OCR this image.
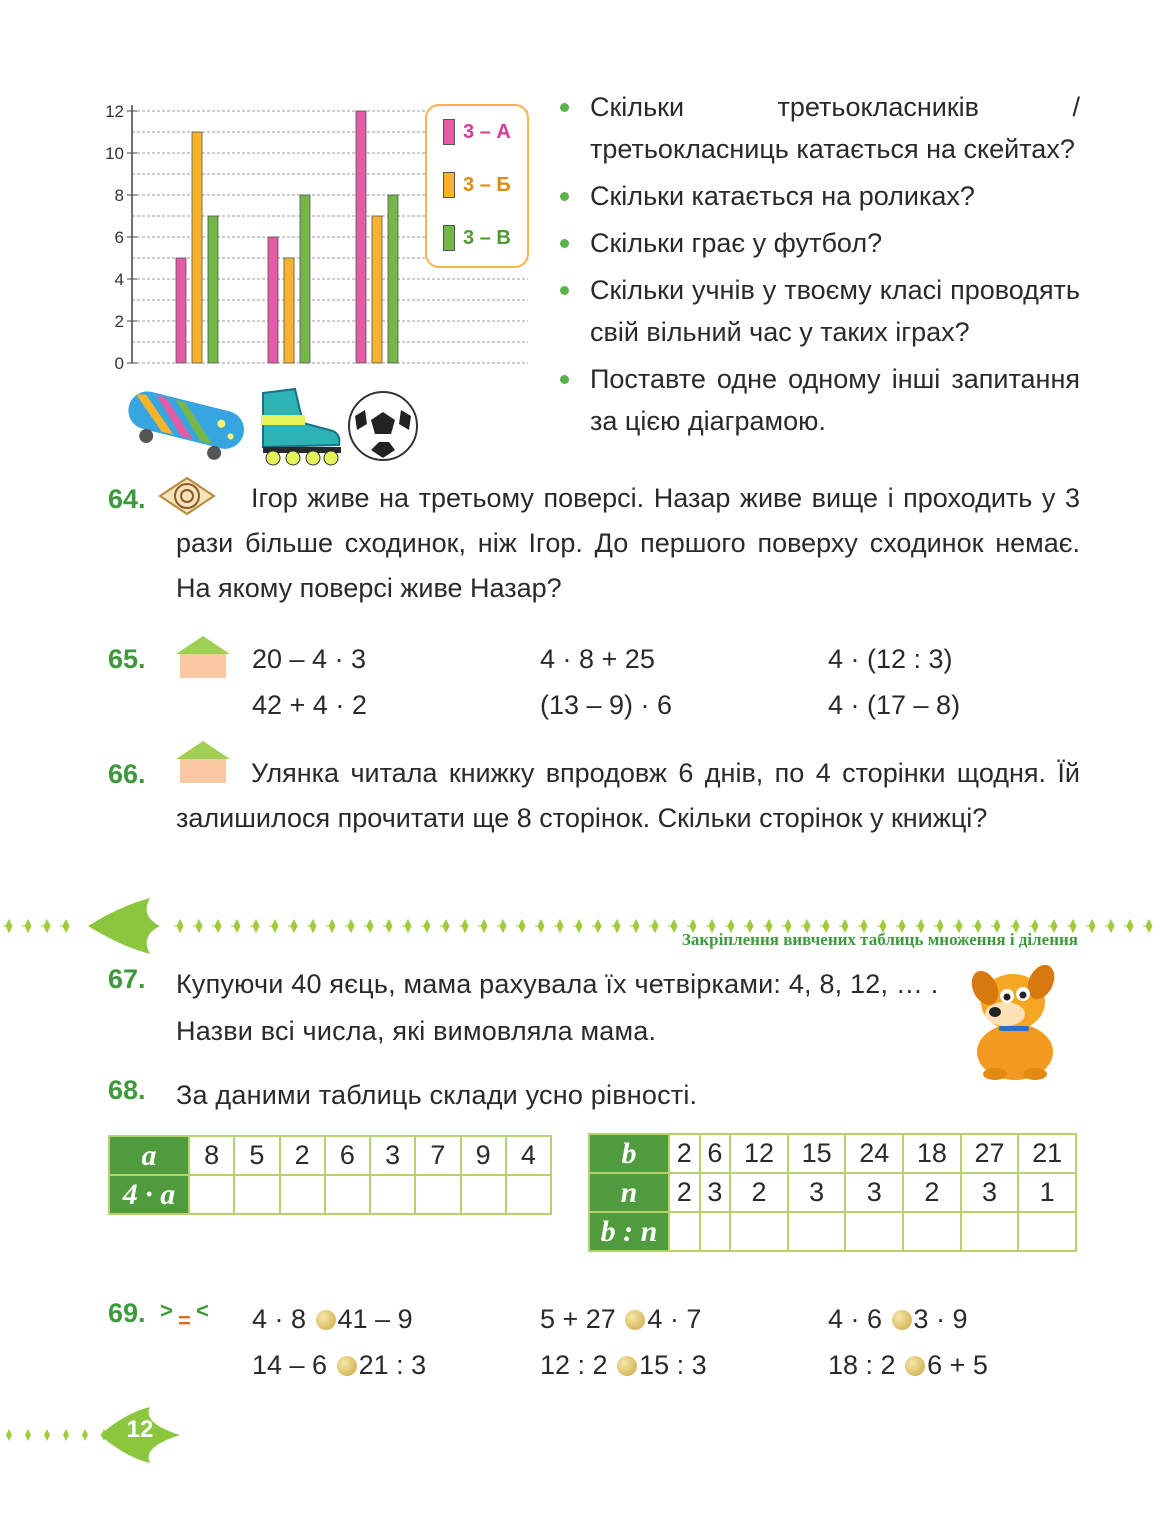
0
2
4
6
8
10
12
3 – А
3 – Б
3 – В
Скільки третьокласників / третьокласниць катається на скейтах?
Скільки катається на роликах?
Скільки грає у футбол?
Скільки учнів у твоєму класі проводять свій вільний час у таких іграх?
Поставте одне одному інші запитання за цією діаграмою.
64.	Ігор живе на третьому поверсі. Назар живе вище і проходить у 3 рази більше сходинок, ніж Ігор. До першого поверху сходинок немає. На якому поверсі живе Назар?
65.	20 – 4 · 3	4 · 8 + 25	4 · (12 : 3)
42 + 4 · 2	(13 – 9) · 6	4 · (17 – 8)
66.	Улянка читала книжку впродовж 6 днів, по 4 сторінки щодня. Їй залишилося прочитати ще 8 сторінок. Скільки сторінок у книжці?
Закріплення вивчених таблиць множення і ділення
67. Купуючи 40 яєць, мама рахувала їх четвірками: 4, 8, 12, … .
Назви всі числа, які вимовляла мама.
68. За даними таблиць склади усно рівності.
a	8	5	2	6	3	7	9	4
4 · a								
b	2	6	12	15	24	18	27	21
n	2	3	2	3	3	2	3	1
b : n								
69. > = < 4 · 8 41 – 9	5 + 27 4 · 7	4 · 6 3 · 9
14 – 6 21 : 3	12 : 2 15 : 3	18 : 2 6 + 5
12
